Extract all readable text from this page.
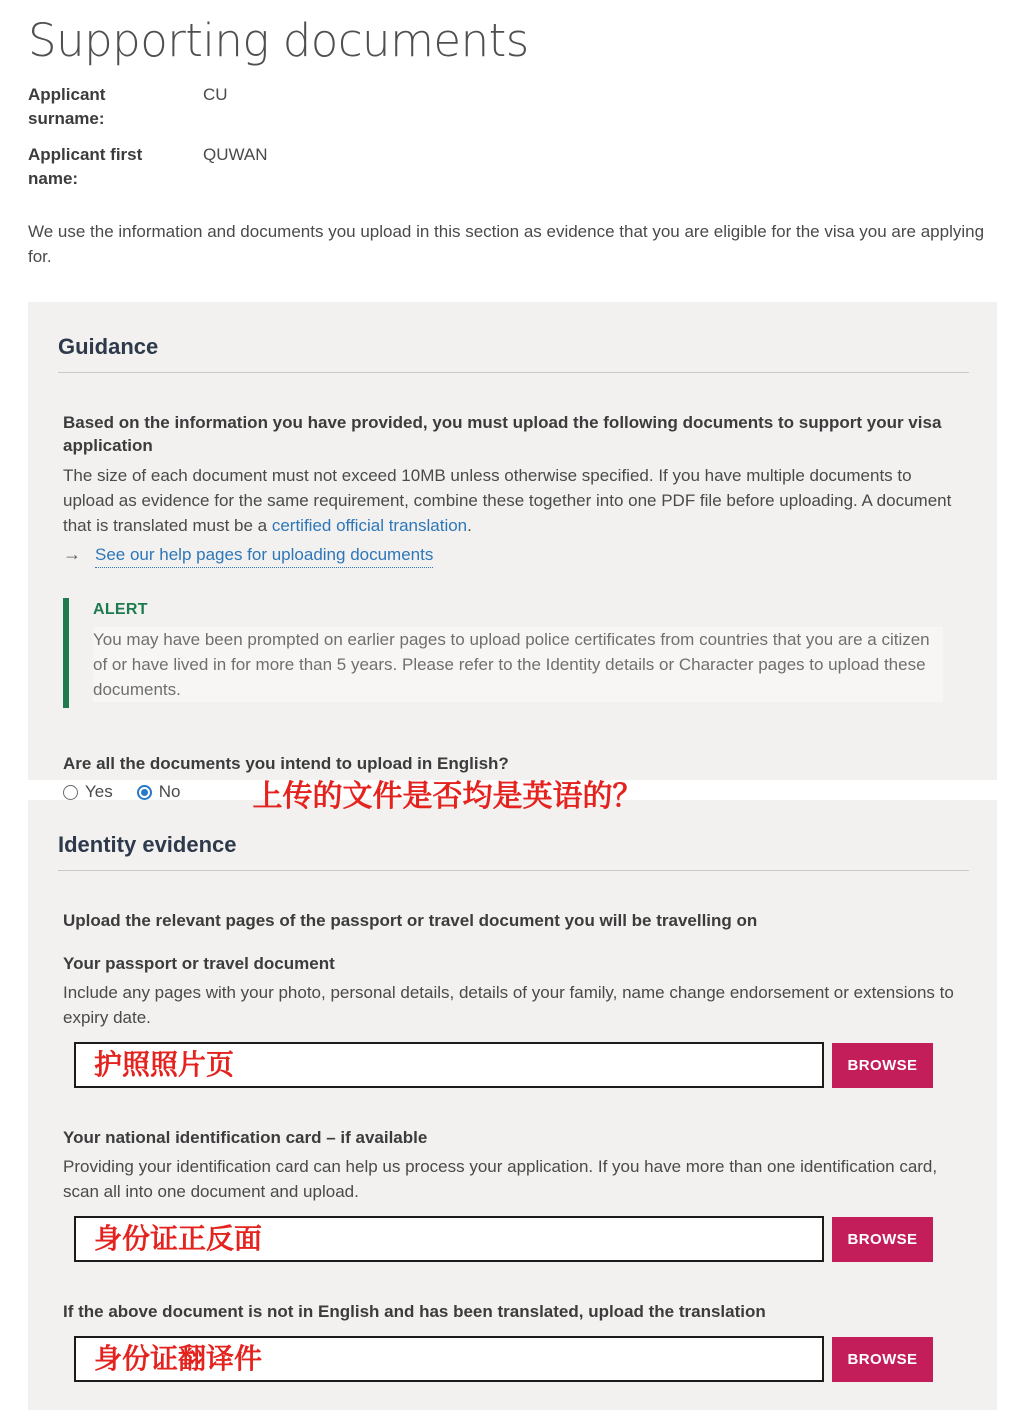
Supporting documents
Applicant surname:
CU
Applicant first name:
QUWAN

We use the information and documents you upload in this section as evidence that you are eligible for the visa you are applying for.

Guidance

Based on the information you have provided, you must upload the following documents to support your visa application

The size of each document must not exceed 10MB unless otherwise specified. If you have multiple documents to upload as evidence for the same requirement, combine these together into one PDF file before uploading. A document that is translated must be a certified official translation.

→ See our help pages for uploading documents
ALERT

You may have been prompted on earlier pages to upload police certificates from countries that you are a citizen of or have lived in for more than 5 years. Please refer to the Identity details or Character pages to upload these documents.

Are all the documents you intend to upload in English?

Yes	No 上传的文件是否均是英语的？
Identity evidence

Upload the relevant pages of the passport or travel document you will be travelling on

Your passport or travel document

Include any pages with your photo, personal details, details of your family, name change endorsement or extensions to expiry date.

护照照片页	BROWSE

Your national identification card – if available

Providing your identification card can help us process your application. If you have more than one identification card, scan all into one document and upload.

身份证正反面	BROWSE

If the above document is not in English and has been translated, upload the translation

身份证翻译件	BROWSE
